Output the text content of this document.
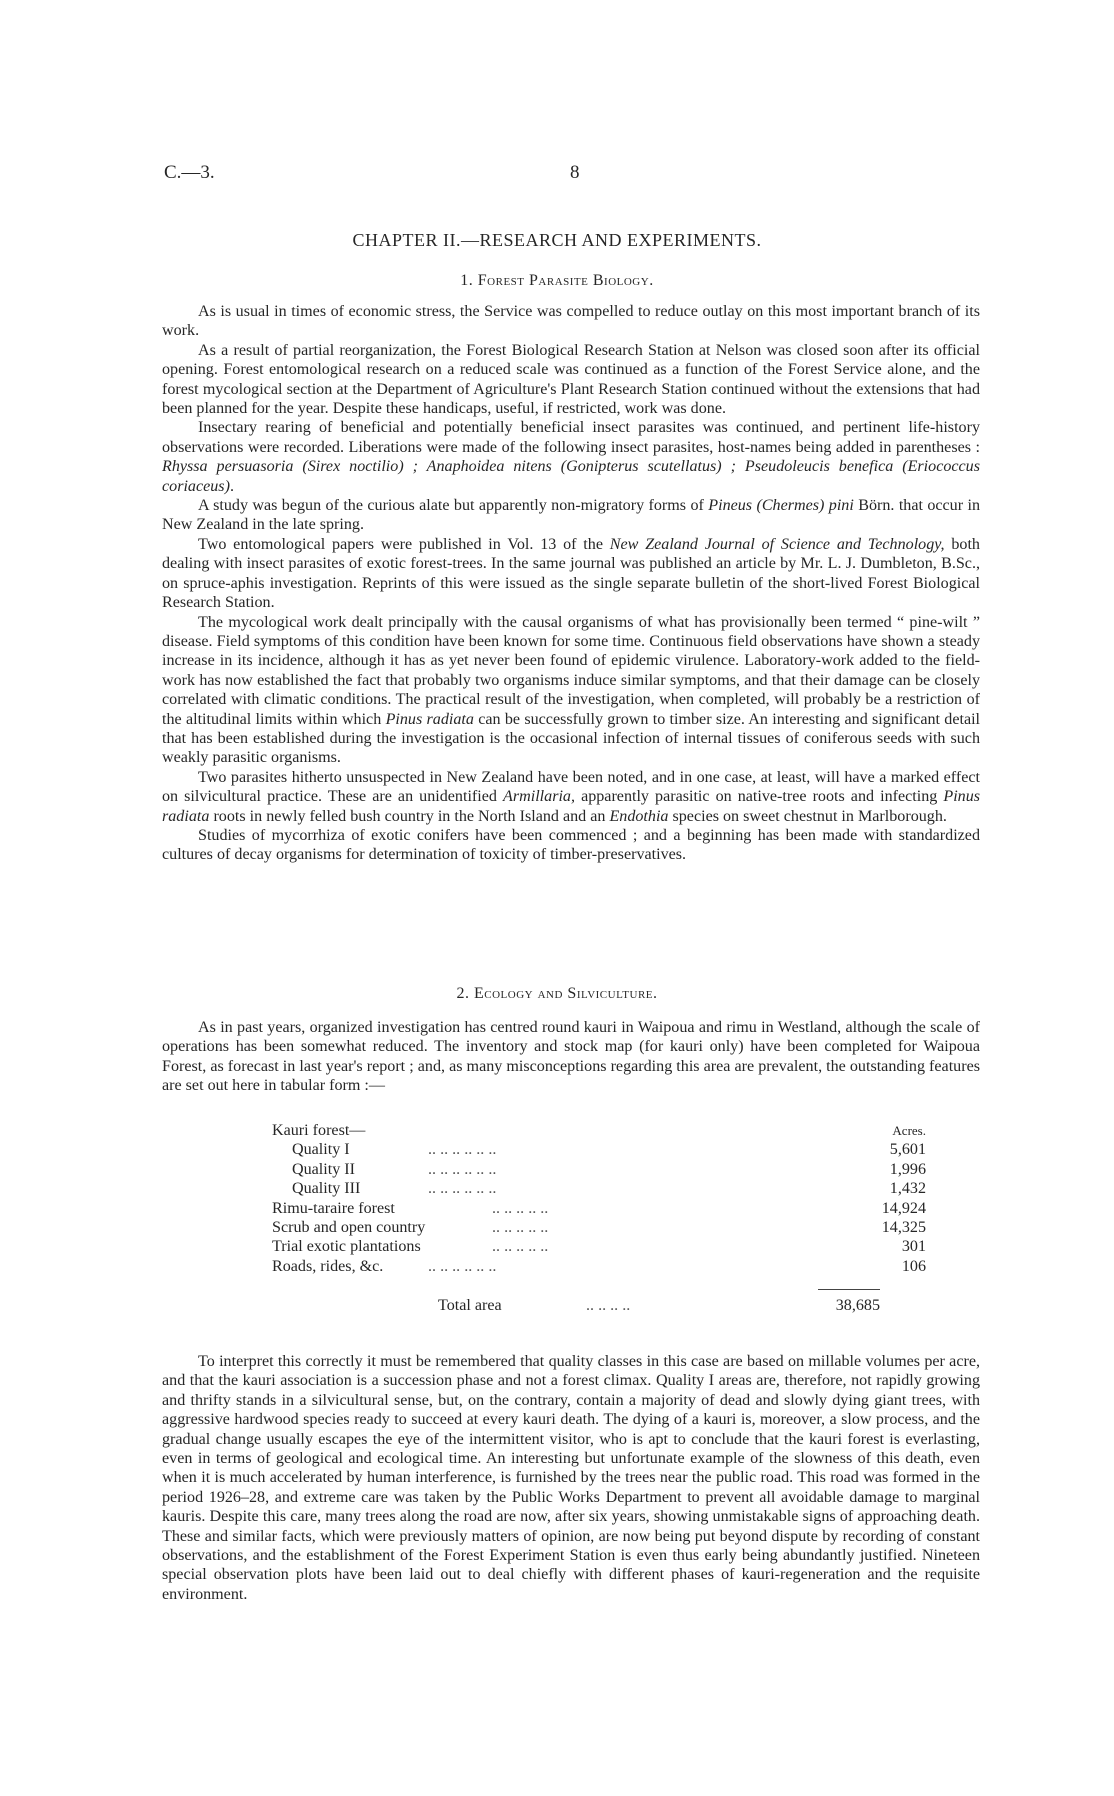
C.—3.	8
CHAPTER II.—RESEARCH AND EXPERIMENTS.
1. Forest Parasite Biology.

As is usual in times of economic stress, the Service was compelled to reduce outlay on this most important branch of its work.

As a result of partial reorganization, the Forest Biological Research Station at Nelson was closed soon after its official opening. Forest entomological research on a reduced scale was continued as a function of the Forest Service alone, and the forest mycological section at the Department of Agriculture's Plant Research Station continued without the extensions that had been planned for the year. Despite these handicaps, useful, if restricted, work was done.

Insectary rearing of beneficial and potentially beneficial insect parasites was continued, and pertinent life-history observations were recorded. Liberations were made of the following insect parasites, host-names being added in parentheses : Rhyssa persuasoria (Sirex noctilio) ; Anaphoidea nitens (Gonipterus scutellatus) ; Pseudoleucis benefica (Eriococcus coriaceus).

A study was begun of the curious alate but apparently non-migratory forms of Pineus (Chermes) pini Börn. that occur in New Zealand in the late spring.

Two entomological papers were published in Vol. 13 of the New Zealand Journal of Science and Technology, both dealing with insect parasites of exotic forest-trees. In the same journal was published an article by Mr. L. J. Dumbleton, B.Sc., on spruce-aphis investigation. Reprints of this were issued as the single separate bulletin of the short-lived Forest Biological Research Station.

The mycological work dealt principally with the causal organisms of what has provisionally been termed “ pine-wilt ” disease. Field symptoms of this condition have been known for some time. Continuous field observations have shown a steady increase in its incidence, although it has as yet never been found of epidemic virulence. Laboratory-work added to the field-work has now established the fact that probably two organisms induce similar symptoms, and that their damage can be closely correlated with climatic conditions. The practical result of the investigation, when completed, will probably be a restriction of the altitudinal limits within which Pinus radiata can be successfully grown to timber size. An interesting and significant detail that has been established during the investigation is the occasional infection of internal tissues of coniferous seeds with such weakly parasitic organisms.

Two parasites hitherto unsuspected in New Zealand have been noted, and in one case, at least, will have a marked effect on silvicultural practice. These are an unidentified Armillaria, apparently parasitic on native-tree roots and infecting Pinus radiata roots in newly felled bush country in the North Island and an Endothia species on sweet chestnut in Marlborough.

Studies of mycorrhiza of exotic conifers have been commenced ; and a beginning has been made with standardized cultures of decay organisms for determination of toxicity of timber-preservatives.

2. Ecology and Silviculture.

As in past years, organized investigation has centred round kauri in Waipoua and rimu in Westland, although the scale of operations has been somewhat reduced. The inventory and stock map (for kauri only) have been completed for Waipoua Forest, as forecast in last year's report ; and, as many misconceptions regarding this area are prevalent, the outstanding features are set out here in tabular form :—

Kauri forest—		Acres.
Quality I	.. .. .. .. .. ..	5,601
Quality II	.. .. .. .. .. ..	1,996
Quality III	.. .. .. .. .. ..	1,432
Rimu-taraire forest	.. .. .. .. ..	14,924
Scrub and open country	.. .. .. .. ..	14,325
Trial exotic plantations	.. .. .. .. ..	301
Roads, rides, &c.	.. .. .. .. .. ..	106
Total area	.. .. .. ..	38,685

To interpret this correctly it must be remembered that quality classes in this case are based on millable volumes per acre, and that the kauri association is a succession phase and not a forest climax. Quality I areas are, therefore, not rapidly growing and thrifty stands in a silvicultural sense, but, on the contrary, contain a majority of dead and slowly dying giant trees, with aggressive hardwood species ready to succeed at every kauri death. The dying of a kauri is, moreover, a slow process, and the gradual change usually escapes the eye of the intermittent visitor, who is apt to conclude that the kauri forest is everlasting, even in terms of geological and ecological time. An interesting but unfortunate example of the slowness of this death, even when it is much accelerated by human interference, is furnished by the trees near the public road. This road was formed in the period 1926–28, and extreme care was taken by the Public Works Department to prevent all avoidable damage to marginal kauris. Despite this care, many trees along the road are now, after six years, showing unmistakable signs of approaching death. These and similar facts, which were previously matters of opinion, are now being put beyond dispute by recording of constant observations, and the establishment of the Forest Experiment Station is even thus early being abundantly justified. Nineteen special observation plots have been laid out to deal chiefly with different phases of kauri-regeneration and the requisite environment.
